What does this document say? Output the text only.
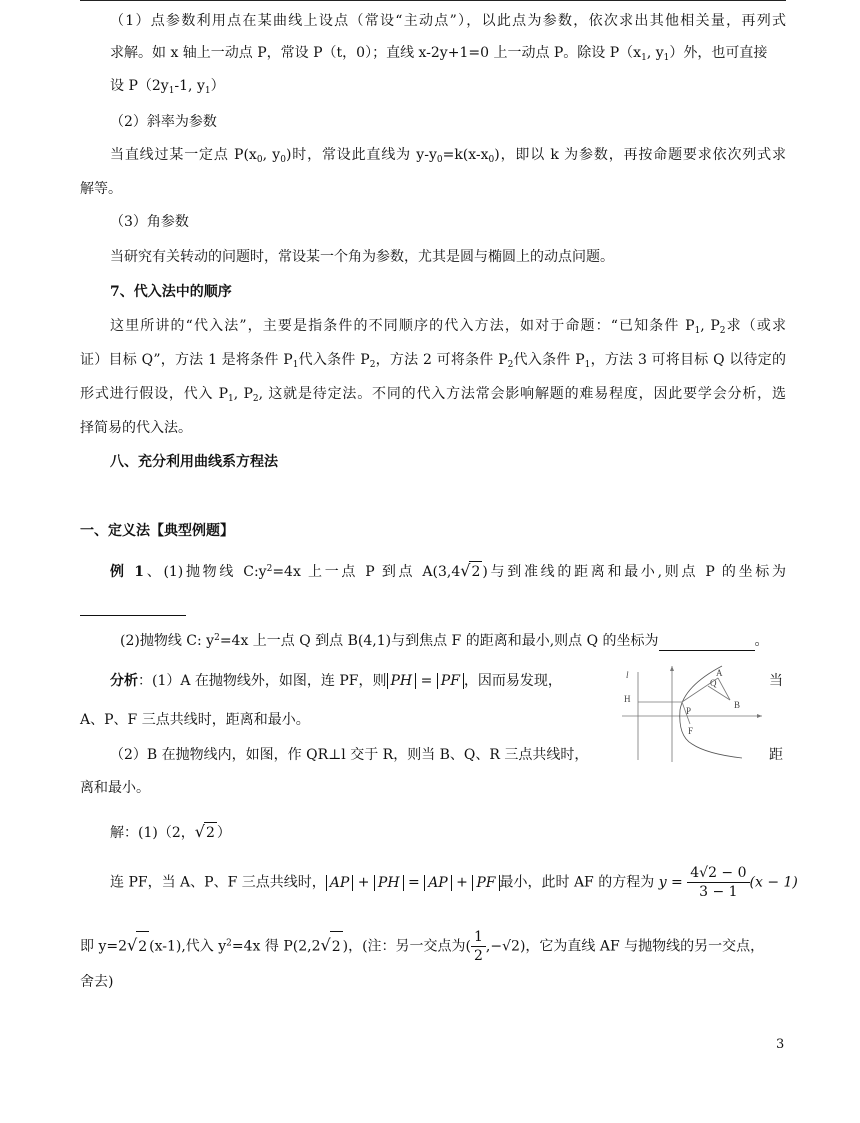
（1）点参数利用点在某曲线上设点（常设“主动点”），以此点为参数，依次求出其他相关量，再列式
求解。如 x 轴上一动点 P，常设 P（t，0）；直线 x-2y+1=0 上一动点 P。除设 $P(x_1$, $y_1$）外，也可直接
设 $P(2y_1-1$, $y_1$）
（2）斜率为参数
当直线过某一定点 $P(x_0$, $y_0$)时，常设此直线为 $y-y_0=k(x-x_0)$，即以 k 为参数，再按命题要求依次列式求
解等。
（3）角参数
当研究有关转动的问题时，常设某一个角为参数，尤其是圆与椭圆上的动点问题。
7、代入法中的顺序
这里所讲的“代入法”，主要是指条件的不同顺序的代入方法，如对于命题：“已知条件 $P_1$, $P_2$求（或求
证）目标 Q”，方法 1 是将条件 $P_1$代入条件 $P_2$，方法 2 可将条件 $P_2$代入条件 $P_1$，方法 3 可将目标 Q 以待定的
形式进行假设，代入 $P_1$, $P_2$, 这就是待定法。不同的代入方法常会影响解题的难易程度，因此要学会分析，选
择简易的代入法。
八、充分利用曲线系方程法
一、定义法【典型例题】
例 1、(1)抛物线 $C:y^2=4x$ 上一点 P 到点 A(3,4√2 )与到准线的距离和最小,则点 P 的坐标为
(2)抛物线 C: $y^2=4x$ 上一点 Q 到点 B(4,1)与到焦点 F 的距离和最小,则点 Q 的坐标为	。
分析：(1）A 在抛物线外，如图，连 PF，则 PH = PF ，因而易发现，	当
A、P、F 三点共线时，距离和最小。
（2）B 在抛物线内，如图，作 QR⊥l 交于 R，则当 B、Q、R 三点共线时，	距
离和最小。
l	A
Q
H
P
B
F
解：(1)（2，√2 ）
连 PF，当 A、P、F 三点共线时， AP + PH = AP + PF 最小，此时 AF 的方程为 $y = \frac{4√2 - 0}{3 - 1} (x - 1)$
即 y=2√2 (x-1),代入 $y^2=4x$ 得 P(2,2√2 )，(注：另一交点为( $\frac{1}{2} ,-√2$)，它为直线 AF 与抛物线的另一交点，
舍去)
3
